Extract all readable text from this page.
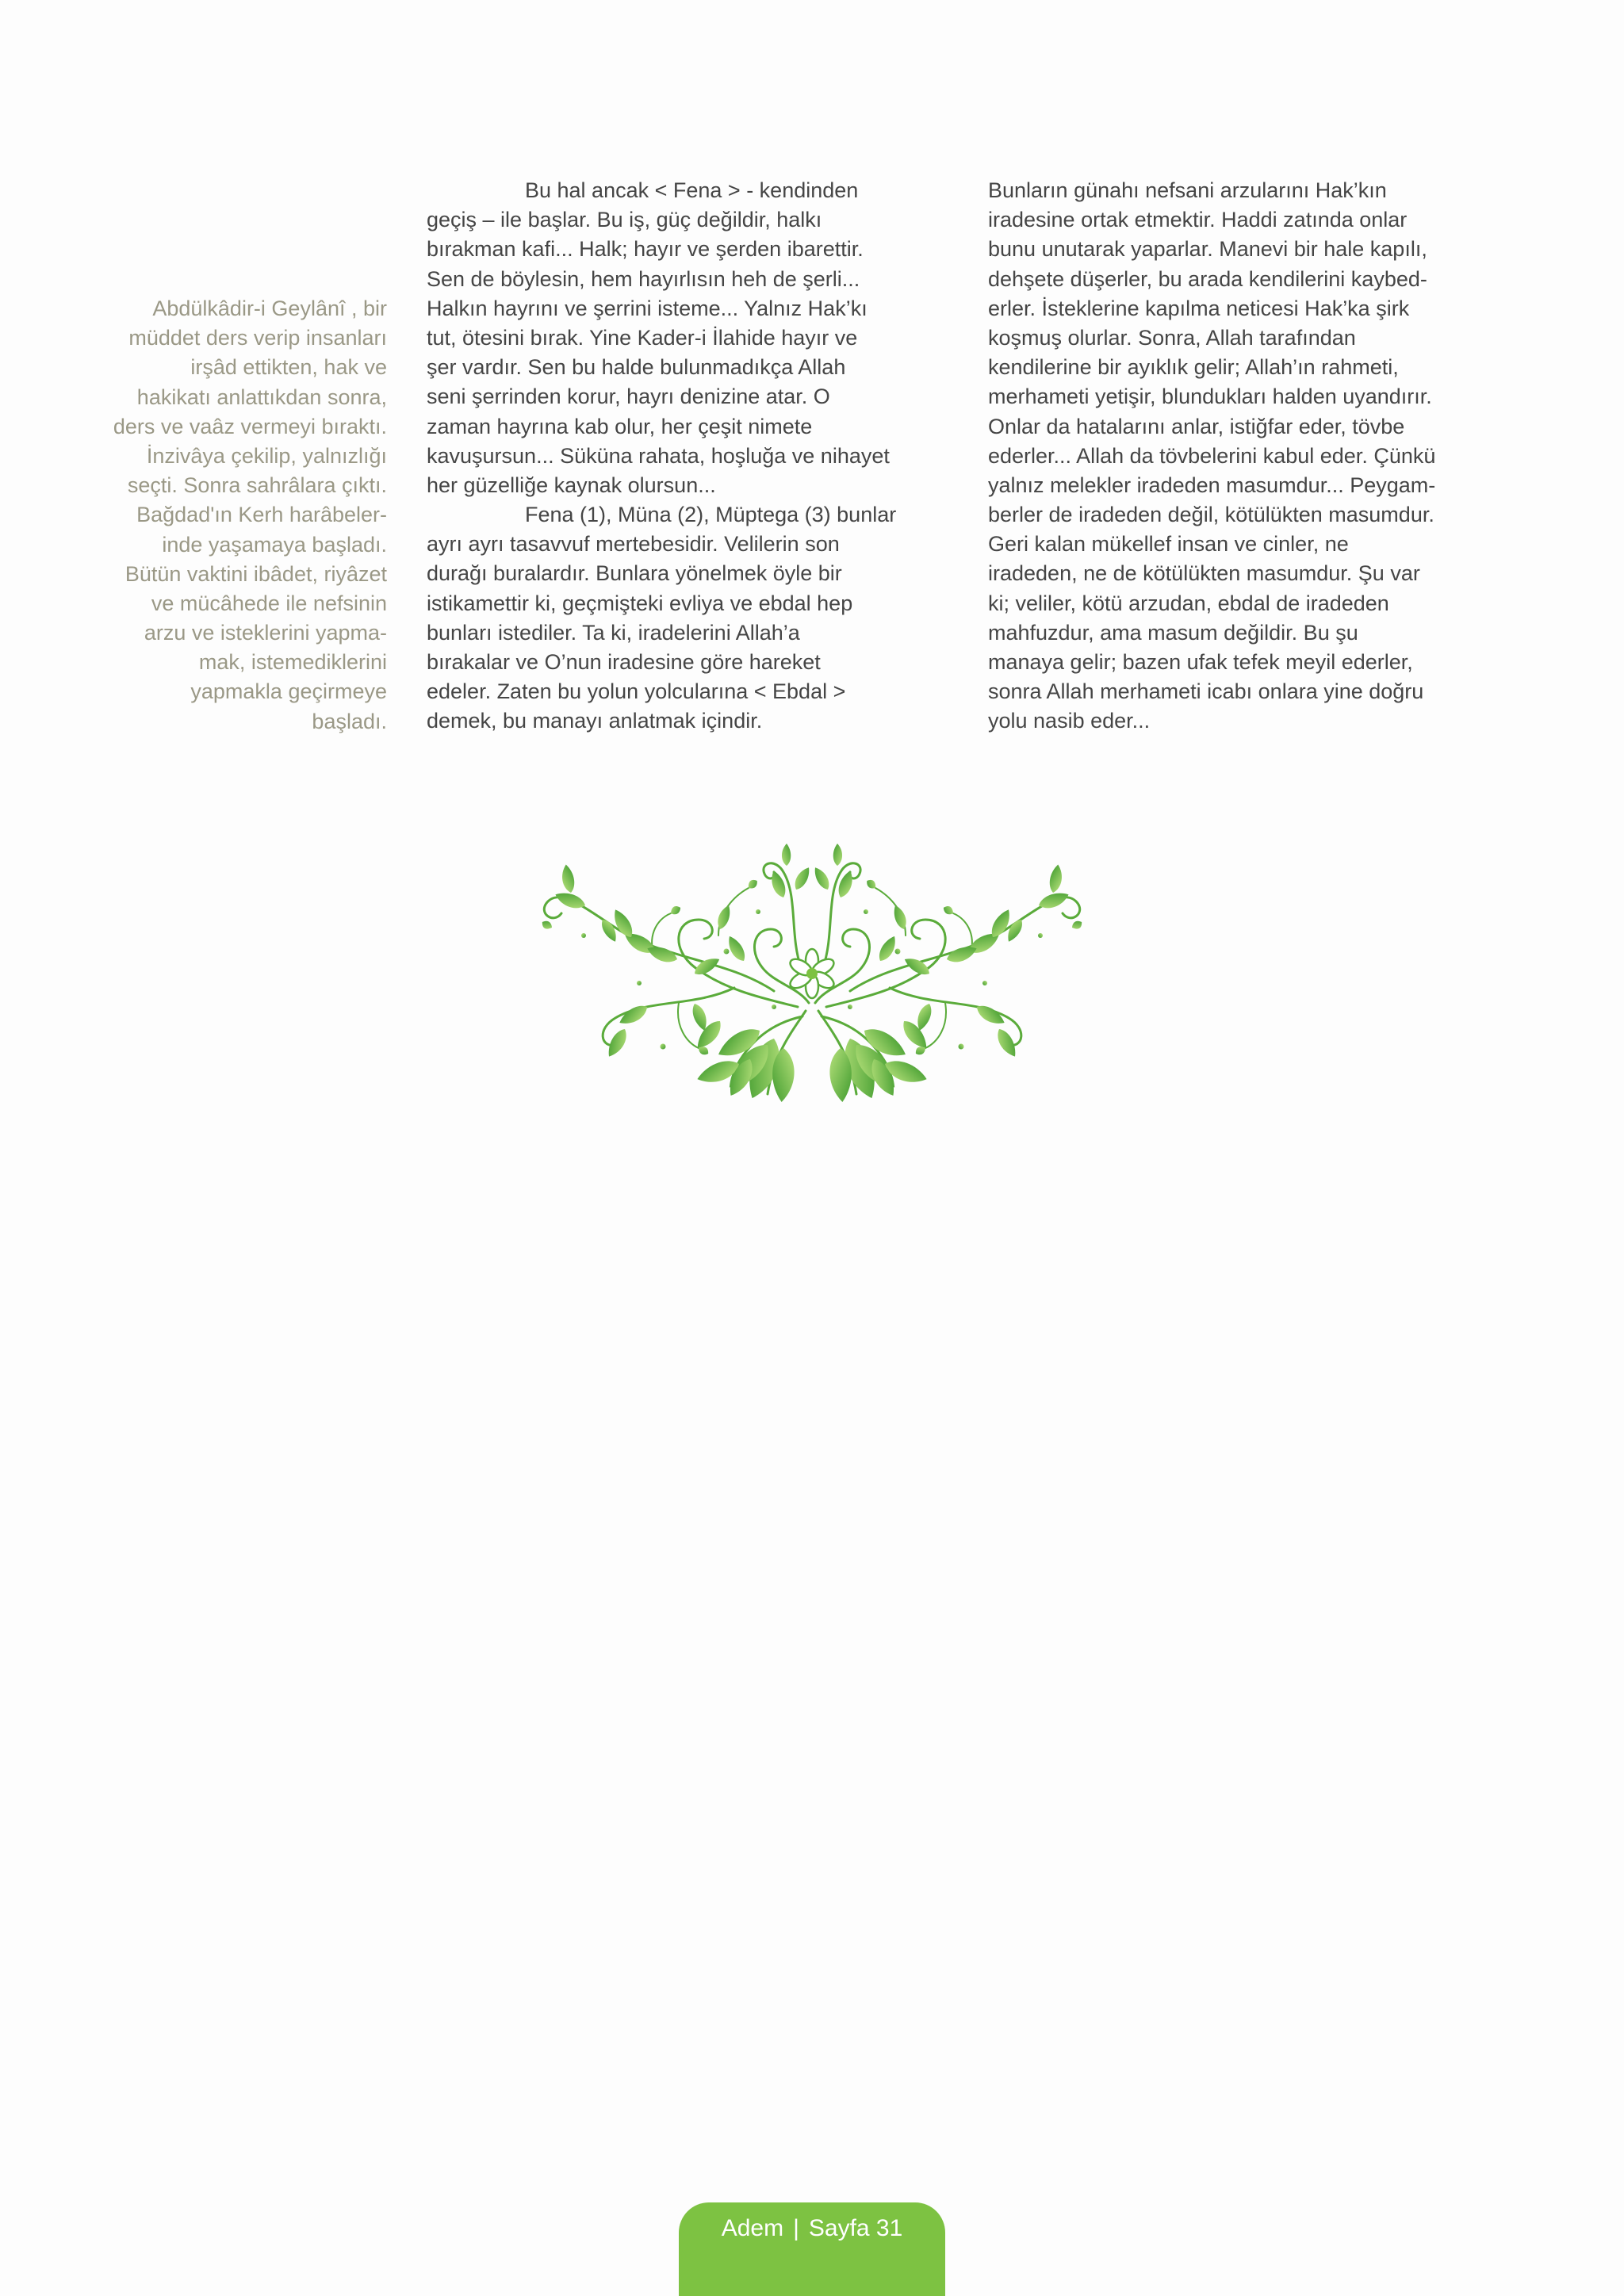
Abdülkâdir-i Geylânî , bir
müddet ders verip insanları
irşâd ettikten, hak ve
hakikatı anlattıkdan sonra,
ders ve vaâz vermeyi bıraktı.
İnzivâya çekilip, yalnızlığı
seçti. Sonra sahrâlara çıktı.
Bağdad'ın Kerh harâbeler-
inde yaşamaya başladı.
Bütün vaktini ibâdet, riyâzet
ve mücâhede ile nefsinin
arzu ve isteklerini yapma-
mak, istemediklerini
yapmakla geçirmeye
başladı.
Bu hal ancak < Fena > - kendinden
geçiş – ile başlar. Bu iş, güç değildir, halkı
bırakman kafi... Halk; hayır ve şerden ibarettir.
Sen de böylesin, hem hayırlısın heh de şerli...
Halkın hayrını ve şerrini isteme... Yalnız Hak’kı
tut, ötesini bırak. Yine Kader-i İlahide hayır ve
şer vardır. Sen bu halde bulunmadıkça Allah
seni şerrinden korur, hayrı denizine atar. O
zaman hayrına kab olur, her çeşit nimete
kavuşursun... Süküna rahata, hoşluğa ve nihayet
her güzelliğe kaynak olursun...
Fena (1), Müna (2), Müptega (3) bunlar
ayrı ayrı tasavvuf mertebesidir. Velilerin son
durağı buralardır. Bunlara yönelmek öyle bir
istikamettir ki, geçmişteki evliya ve ebdal hep
bunları istediler. Ta ki, iradelerini Allah’a
bırakalar ve O’nun iradesine göre hareket
edeler. Zaten bu yolun yolcularına < Ebdal >
demek, bu manayı anlatmak içindir.
Bunların günahı nefsani arzularını Hak’kın
iradesine ortak etmektir. Haddi zatında onlar
bunu unutarak yaparlar. Manevi bir hale kapılı,
dehşete düşerler, bu arada kendilerini kaybed-
erler. İsteklerine kapılma neticesi Hak’ka şirk
koşmuş olurlar. Sonra, Allah tarafından
kendilerine bir ayıklık gelir; Allah’ın rahmeti,
merhameti yetişir, blundukları halden uyandırır.
Onlar da hatalarını anlar, istiğfar eder, tövbe
ederler... Allah da tövbelerini kabul eder. Çünkü
yalnız melekler iradeden masumdur... Peygam-
berler de iradeden değil, kötülükten masumdur.
Geri kalan mükellef insan ve cinler, ne
iradeden, ne de kötülükten masumdur. Şu var
ki; veliler, kötü arzudan, ebdal de iradeden
mahfuzdur, ama masum değildir. Bu şu
manaya gelir; bazen ufak tefek meyil ederler,
sonra Allah merhameti icabı onlara yine doğru
yolu nasib eder...
Adem | Sayfa 31
